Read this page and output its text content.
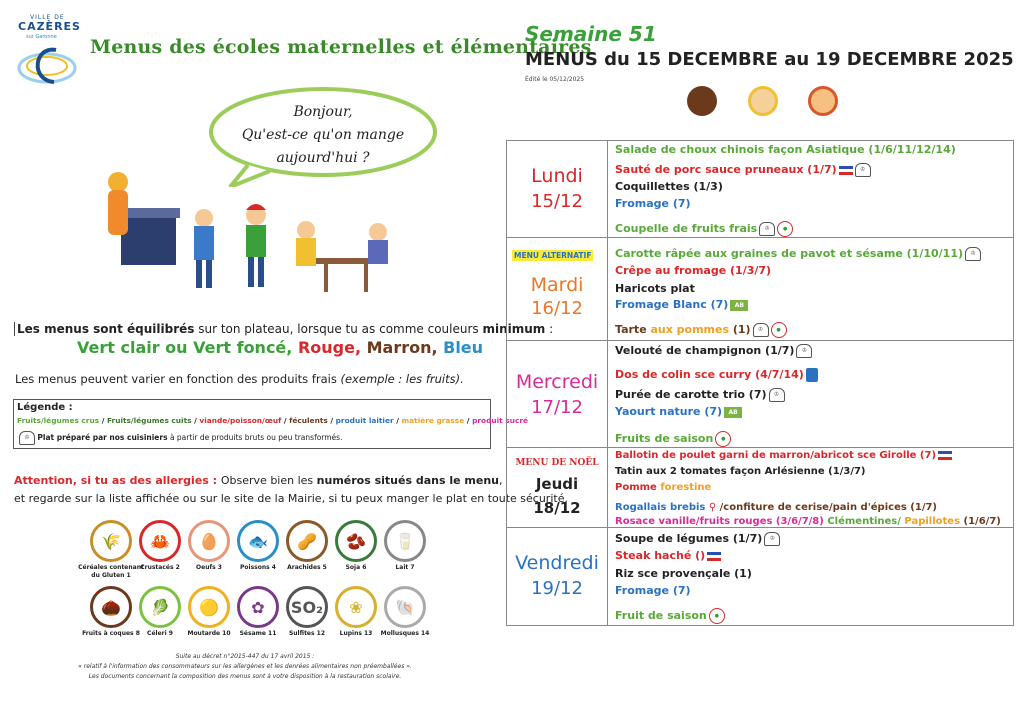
VILLE DE
CAZÈRES
sur Garonne Menus des écoles maternelles et élémentaires
Semaine 51
MENUS du 15 DECEMBRE au 19 DECEMBRE 2025
Édité le 05/12/2025
Bonjour,
Qu'est-ce qu'on mange
aujourd'hui ?
Les menus sont équilibrés sur ton plateau, lorsque tu as comme couleurs minimum :
Vert clair ou Vert foncé, Rouge, Marron, Bleu
Les menus peuvent varier en fonction des produits frais (exemple : les fruits).
Légende :
Fruits/légumes crus / Fruits/légumes cuits / viande/poisson/œuf / féculents / produit laitier / matière grasse / produit sucré
♔ Plat préparé par nos cuisiniers à partir de produits bruts ou peu transformés.
Attention, si tu as des allergies : Observe bien les numéros situés dans le menu,
et regarde sur la liste affichée ou sur le site de la Mairie, si tu peux manger le plat en toute sécurité.
🌾
Céréales contenant du Gluten 1
🦀
Crustacés 2
🥚
Oeufs 3
🐟
Poissons 4
🥜
Arachides 5
🫘
Soja 6
🥛
Lait 7
🌰
Fruits à coques 8
🥬
Céleri 9
🟡
Moutarde 10
✿
Sésame 11
SO₂
Sulfites 12
❀
Lupins 13
🐚
Mollusques 14
Suite au décret n°2015-447 du 17 avril 2015 :
« relatif à l'information des consommateurs sur les allergènes et les denrées alimentaires non préemballées ».
Les documents concernant la composition des menus sont à votre disposition à la restauration scolaire.
Lundi
15/12
Salade de choux chinois façon Asiatique (1/6/11/12/14)
Sauté de porc sauce pruneaux (1/7)	♔
Coquillettes (1/3)
Fromage (7)
Coupelle de fruits frais ♔	●
MENU ALTERNATIF
Mardi
16/12
Carotte râpée aux graines de pavot et sésame (1/10/11) ♔
Crêpe au fromage (1/3/7)
Haricots plat
Fromage Blanc (7) AB
Tarte aux pommes (1) ♔	●
Mercredi
17/12
Velouté de champignon (1/7) ♔
Dos de colin sce curry (4/7/14)
Purée de carotte trio (7) ♔
Yaourt nature (7) AB
Fruits de saison ●
MENU DE NOËL
Jeudi
18/12
Ballotin de poulet garni de marron/abricot sce Girolle (7)
Tatin aux 2 tomates façon Arlésienne (1/3/7)
Pomme forestine
Rogallais brebis ⚲ /confiture de cerise/pain d'épices (1/7)
Rosace vanille/fruits rouges (3/6/7/8) Clémentines/ Papillotes (1/6/7)
Vendredi
19/12
Soupe de légumes (1/7) ♔
Steak haché ()
Riz sce provençale (1)
Fromage (7)
Fruit de saison ●
